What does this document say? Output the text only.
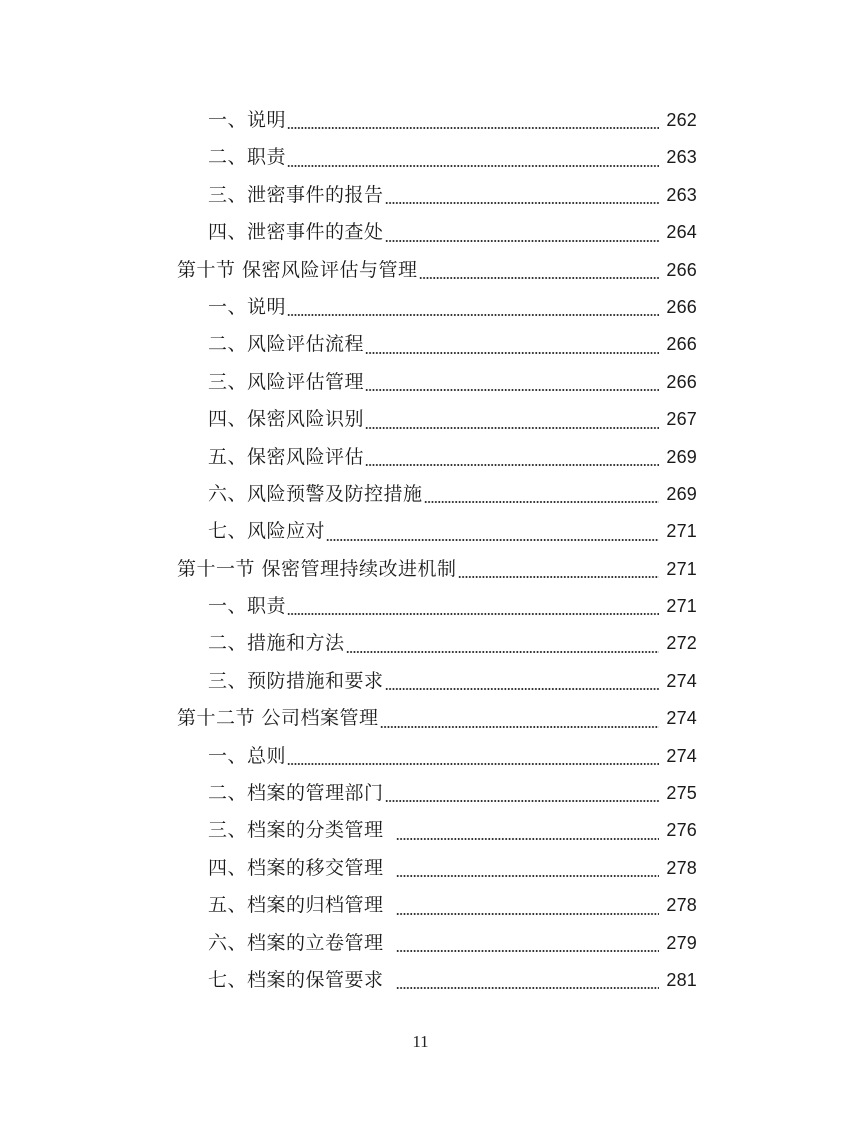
一、说明	262
二、职责	263
三、泄密事件的报告	263
四、泄密事件的查处	264
第十节 保密风险评估与管理	266
一、说明	266
二、风险评估流程	266
三、风险评估管理	266
四、保密风险识别	267
五、保密风险评估	269
六、风险预警及防控措施	269
七、风险应对	271
第十一节 保密管理持续改进机制	271
一、职责	271
二、措施和方法	272
三、预防措施和要求	274
第十二节 公司档案管理	274
一、总则	274
二、档案的管理部门	275
三、档案的分类管理	276
四、档案的移交管理	278
五、档案的归档管理	278
六、档案的立卷管理	279
七、档案的保管要求	281
11
